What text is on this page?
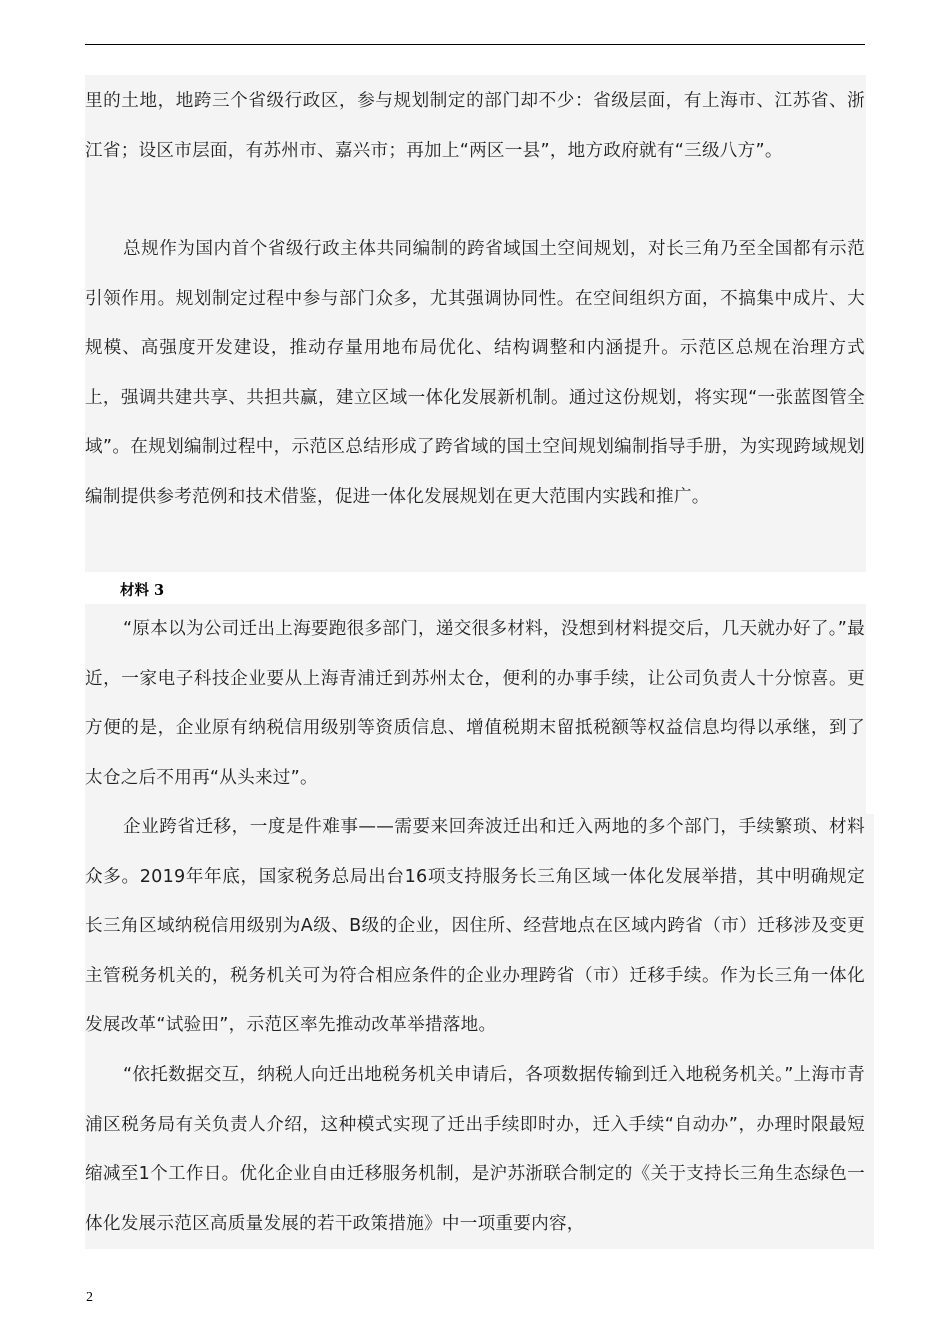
里的土地，地跨三个省级行政区，参与规划制定的部门却不少：省级层面，有上海市、江苏省、浙江省；设区市层面，有苏州市、嘉兴市；再加上“两区一县”，地方政府就有“三级八方”。

总规作为国内首个省级行政主体共同编制的跨省域国土空间规划，对长三角乃至全国都有示范引领作用。规划制定过程中参与部门众多，尤其强调协同性。在空间组织方面，不搞集中成片、大规模、高强度开发建设，推动存量用地布局优化、结构调整和内涵提升。示范区总规在治理方式上，强调共建共享、共担共赢，建立区域一体化发展新机制。通过这份规划，将实现“一张蓝图管全域”。在规划编制过程中，示范区总结形成了跨省域的国土空间规划编制指导手册，为实现跨域规划编制提供参考范例和技术借鉴，促进一体化发展规划在更大范围内实践和推广。

材料 3

“原本以为公司迁出上海要跑很多部门，递交很多材料，没想到材料提交后，几天就办好了。”最近，一家电子科技企业要从上海青浦迁到苏州太仓，便利的办事手续，让公司负责人十分惊喜。更方便的是，企业原有纳税信用级别等资质信息、增值税期末留抵税额等权益信息均得以承继，到了太仓之后不用再“从头来过”。

企业跨省迁移，一度是件难事——需要来回奔波迁出和迁入两地的多个部门，手续繁琐、材料众多。2019年年底，国家税务总局出台16项支持服务长三角区域一体化发展举措，其中明确规定长三角区域纳税信用级别为A级、B级的企业，因住所、经营地点在区域内跨省（市）迁移涉及变更主管税务机关的，税务机关可为符合相应条件的企业办理跨省（市）迁移手续。作为长三角一体化发展改革“试验田”，示范区率先推动改革举措落地。

“依托数据交互，纳税人向迁出地税务机关申请后，各项数据传输到迁入地税务机关。”上海市青浦区税务局有关负责人介绍，这种模式实现了迁出手续即时办，迁入手续“自动办”，办理时限最短缩减至1个工作日。优化企业自由迁移服务机制，是沪苏浙联合制定的《关于支持长三角生态绿色一体化发展示范区高质量发展的若干政策措施》中一项重要内容，

2
